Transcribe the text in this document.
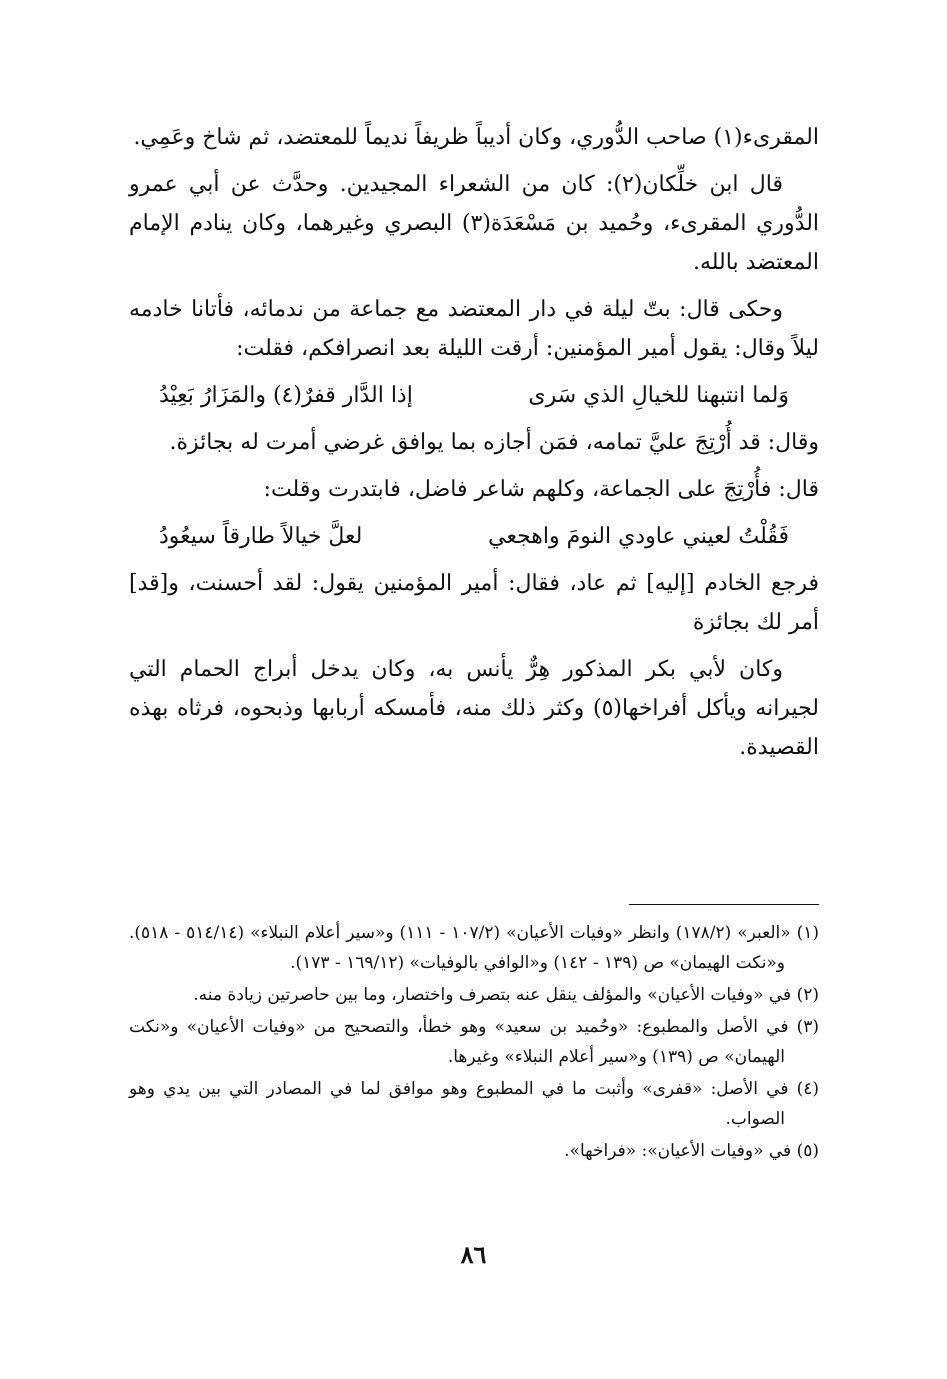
المقرىء(١) صاحب الدُّوري، وكان أديباً ظريفاً نديماً للمعتضد، ثم شاخ وعَمِي.

قال ابن خلِّكان(٢): كان من الشعراء المجيدين. وحدَّث عن أبي عمرو الدُّوري المقرىء، وحُميد بن مَسْعَدَة(٣) البصري وغيرهما، وكان ينادم الإمام المعتضد بالله.

وحكى قال: بتّ ليلة في دار المعتضد مع جماعة من ندمائه، فأتانا خادمه ليلاً وقال: يقول أمير المؤمنين: أرقت الليلة بعد انصرافكم، فقلت:

وَلما انتبهنا للخيالِ الذي سَرى
إذا الدَّار قفرٌ(٤) والمَزَارُ بَعِيْدُ

وقال: قد أُرْتِجَ عليَّ تمامه، فمَن أجازه بما يوافق غرضي أمرت له بجائزة.

قال: فأُرْتِجَ على الجماعة، وكلهم شاعر فاضل، فابتدرت وقلت:

فَقُلْتُ لعيني عاودي النومَ واهجعي
لعلَّ خيالاً طارقاً سيعُودُ

فرجع الخادم [إليه] ثم عاد، فقال: أمير المؤمنين يقول: لقد أحسنت، و[قد] أمر لك بجائزة

وكان لأبي بكر المذكور هِرٌّ يأنس به، وكان يدخل أبراج الحمام التي لجيرانه ويأكل أفراخها(٥) وكثر ذلك منه، فأمسكه أربابها وذبحوه، فرثاه بهذه القصيدة.

(١) «العبر» (١٧٨/٢) وانظر «وفيات الأعيان» (١٠٧/٢ - ١١١) و«سير أعلام النبلاء» (٥١٤/١٤ - ٥١٨). و«نكت الهيمان» ص (١٣٩ - ١٤٢) و«الوافي بالوفيات» (١٦٩/١٢ - ١٧٣).

(٢) في «وفيات الأعيان» والمؤلف ينقل عنه بتصرف واختصار، وما بين حاصرتين زيادة منه.

(٣) في الأصل والمطبوع: «وحُميد بن سعيد» وهو خطأ، والتصحيح من «وفيات الأعيان» و«نكت الهيمان» ص (١٣٩) و«سير أعلام النبلاء» وغيرها.

(٤) في الأصل: «قفرى» وأثبت ما في المطبوع وهو موافق لما في المصادر التي بين يدي وهو الصواب.

(٥) في «وفيات الأعيان»: «فراخها».

٨٦
